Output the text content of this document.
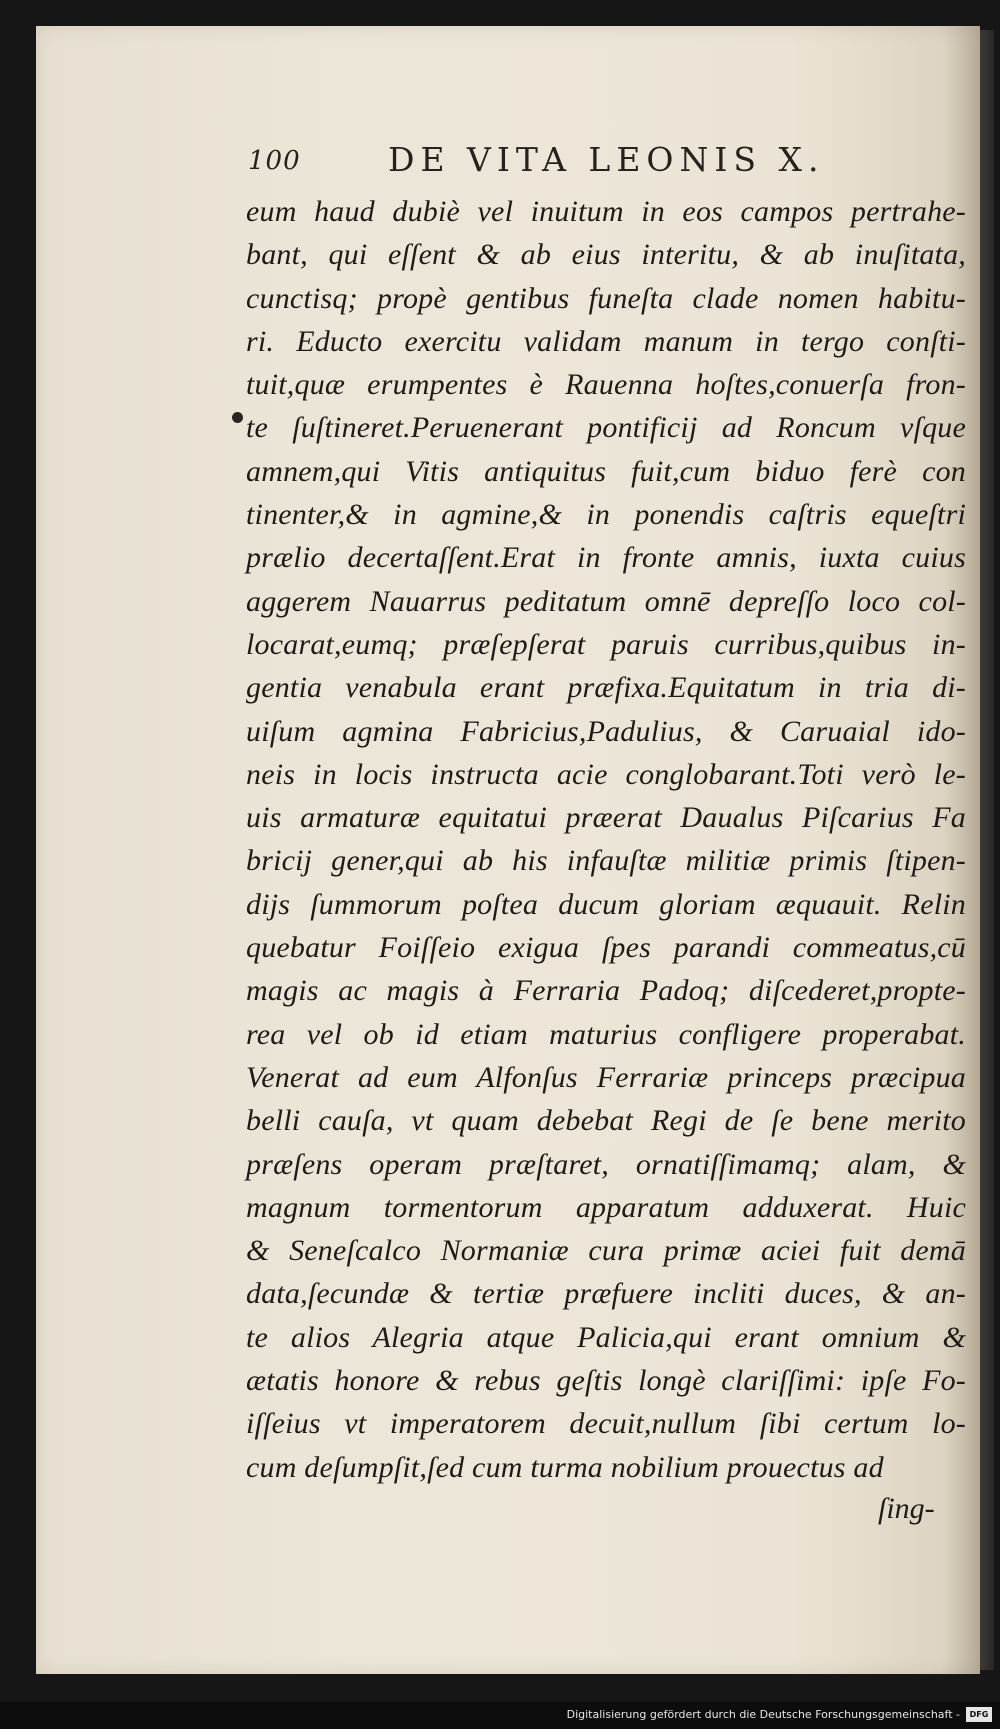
100	DE VITA LEONIS X.
eum haud dubiè vel inuitum in eos campos pertrahe-
bant, qui eſſent & ab eius interitu, & ab inuſitata,
cunctisq; propè gentibus funeſta clade nomen habitu-
ri. Educto exercitu validam manum in tergo conſti-
tuit,quæ erumpentes è Rauenna hoſtes,conuerſa fron-
te ſuſtineret.Peruenerant pontificij ad Roncum vſque
amnem,qui Vitis antiquitus fuit,cum biduo ferè con
tinenter,& in agmine,& in ponendis caſtris equeſtri
prælio decertaſſent.Erat in fronte amnis, iuxta cuius
aggerem Nauarrus peditatum omnē depreſſo loco col-
locarat,eumq; præſepſerat paruis curribus,quibus in-
gentia venabula erant præfixa.Equitatum in tria di-
uiſum agmina Fabricius,Padulius, & Caruaial ido-
neis in locis instructa acie conglobarant.Toti verò le-
uis armaturæ equitatui præerat Daualus Piſcarius Fa
bricij gener,qui ab his infauſtæ militiæ primis ſtipen-
dijs ſummorum poſtea ducum gloriam æquauit. Relin
quebatur Foiſſeio exigua ſpes parandi commeatus,cū
magis ac magis à Ferraria Padoq; diſcederet,propte-
rea vel ob id etiam maturius confligere properabat.
Venerat ad eum Alfonſus Ferrariæ princeps præcipua
belli cauſa, vt quam debebat Regi de ſe bene merito
præſens operam præſtaret, ornatiſſimamq; alam, &
magnum tormentorum apparatum adduxerat. Huic
& Seneſcalco Normaniæ cura primæ aciei fuit demā
data,ſecundæ & tertiæ præfuere incliti duces, & an-
te alios Alegria atque Palicia,qui erant omnium &
ætatis honore & rebus geſtis longè clariſſimi: ipſe Fo-
iſſeius vt imperatorem decuit,nullum ſibi certum lo-
cum deſumpſit,ſed cum turma nobilium prouectus ad
ſing-
Digitalisierung gefördert durch die Deutsche Forschungsgemeinschaft -	DFG
